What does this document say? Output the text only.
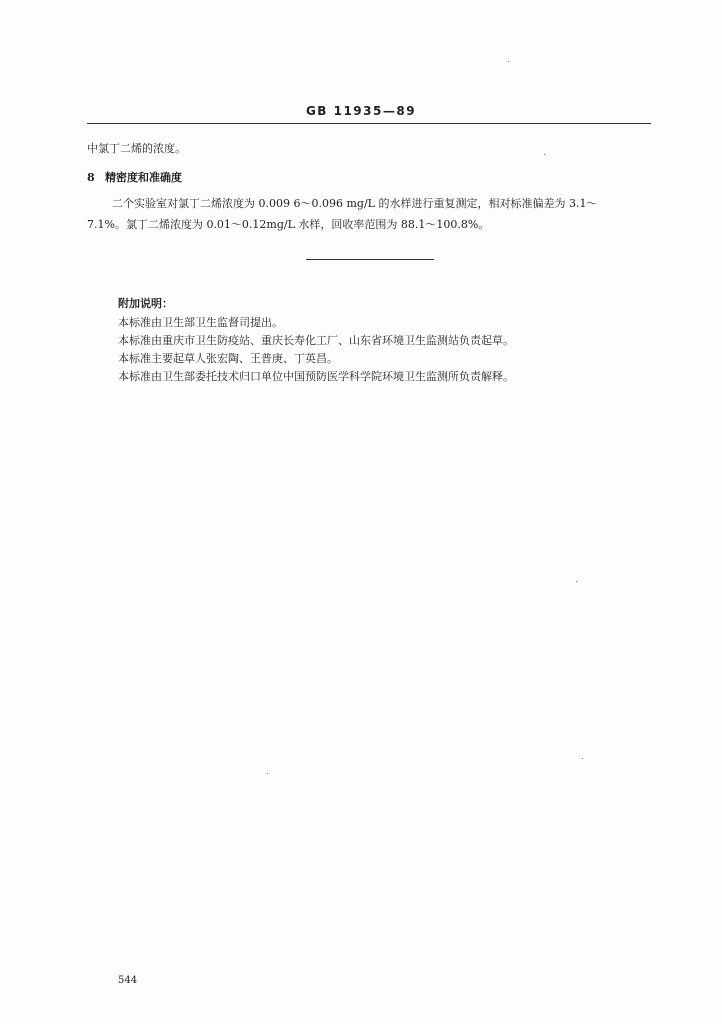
GB 11935—89
中氯丁二烯的浓度。
8 精密度和准确度
二个实验室对氯丁二烯浓度为 0.009 6～0.096 mg/L 的水样进行重复测定，相对标准偏差为 3.1～
7.1%。氯丁二烯浓度为 0.01～0.12mg/L 水样，回收率范围为 88.1～100.8%。
附加说明：
本标准由卫生部卫生监督司提出。
本标准由重庆市卫生防疫站、重庆长寿化工厂、山东省环境卫生监测站负责起草。
本标准主要起草人张宏陶、王普庚、丁英昌。
本标准由卫生部委托技术归口单位中国预防医学科学院环境卫生监测所负责解释。
544
